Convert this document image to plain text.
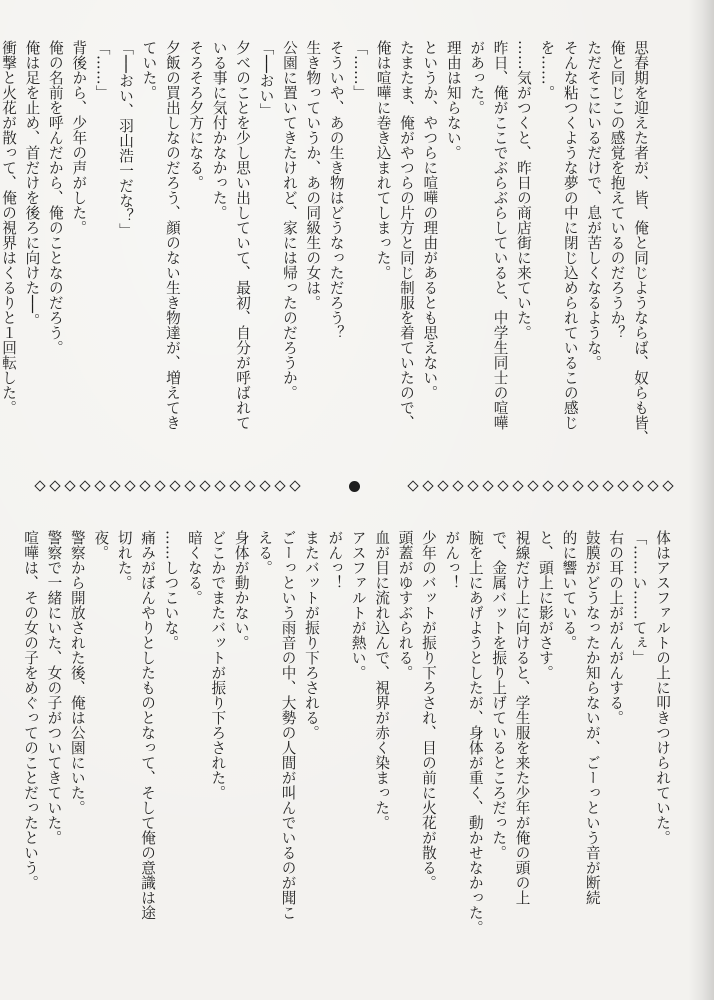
思春期を迎えた者が、皆、俺と同じようならば、奴らも皆、
俺と同じこの感覚を抱えているのだろうか？
ただそこにいるだけで、息が苦しくなるような。
そんな粘つくような夢の中に閉じ込められているこの感じ
を……。
……気がつくと、昨日の商店街に来ていた。
昨日、俺がここでぶらぶらしていると、中学生同士の喧嘩
があった。
理由は知らない。
というか、やつらに喧嘩の理由があるとも思えない。
たまたま、俺がやつらの片方と同じ制服を着ていたので、
俺は喧嘩に巻き込まれてしまった。
「……」
そういや、あの生き物はどうなっただろう？
生き物っていうか、あの同級生の女は。
公園に置いてきたけれど、家には帰ったのだろうか。
「──おい」
夕べのことを少し思い出していて、最初、自分が呼ばれて
いる事に気付かなかった。
そろそろ夕方になる。
夕飯の買出しなのだろう、顔のない生き物達が、増えてき
ていた。
「──おい、羽山浩一だな？」
「……」
背後から、少年の声がした。
俺の名前を呼んだから、俺のことなのだろう。
俺は足を止め、首だけを後ろに向けた──。
衝撃と火花が散って、俺の視界はくるりと１回転した。
体はアスファルトの上に叩きつけられていた。
「……い……てぇ」
右の耳の上ががんがんする。
鼓膜がどうなったか知らないが、ごーっという音が断続
的に響いている。
と、頭上に影がさす。
視線だけ上に向けると、学生服を来た少年が俺の頭の上
で、金属バットを振り上げているところだった。
腕を上にあげようとしたが、身体が重く、動かせなかった。
がんっ！
少年のバットが振り下ろされ、目の前に火花が散る。
頭蓋がゆすぶられる。
血が目に流れ込んで、視界が赤く染まった。
アスファルトが熱い。
がんっ！
またバットが振り下ろされる。
ごーっという雨音の中、大勢の人間が叫んでいるのが聞こ
える。
身体が動かない。
どこかでまたバットが振り下ろされた。
暗くなる。
……しつこいな。
痛みがぼんやりとしたものとなって、そして俺の意識は途
切れた。
夜。
警察から開放された後、俺は公園にいた。
警察で一緒にいた、女の子がついてきていた。
喧嘩は、その女の子をめぐってのことだったという。
